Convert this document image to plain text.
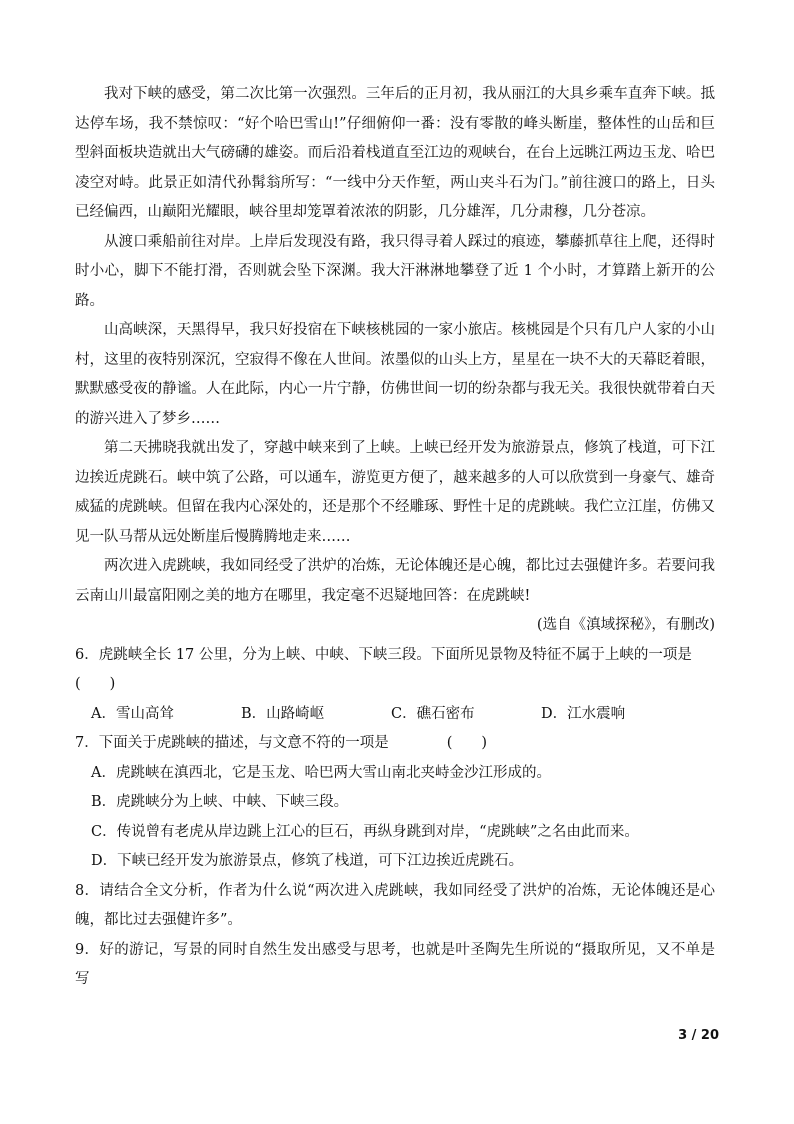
我对下峡的感受，第二次比第一次强烈。三年后的正月初，我从丽江的大具乡乘车直奔下峡。抵达停车场，我不禁惊叹：“好个哈巴雪山!”仔细俯仰一番：没有零散的峰头断崖，整体性的山岳和巨型斜面板块造就出大气磅礴的雄姿。而后沿着栈道直至江边的观峡台，在台上远眺江两边玉龙、哈巴凌空对峙。此景正如清代孙髯翁所写：“一线中分天作堑，两山夹斗石为门。”前往渡口的路上，日头已经偏西，山巅阳光耀眼，峡谷里却笼罩着浓浓的阴影，几分雄浑，几分肃穆，几分苍凉。

从渡口乘船前往对岸。上岸后发现没有路，我只得寻着人踩过的痕迹，攀藤抓草往上爬，还得时时小心，脚下不能打滑，否则就会坠下深渊。我大汗淋淋地攀登了近 1 个小时，才算踏上新开的公路。

山高峡深，天黑得早，我只好投宿在下峡核桃园的一家小旅店。核桃园是个只有几户人家的小山村，这里的夜特别深沉，空寂得不像在人世间。浓墨似的山头上方，星星在一块不大的天幕眨着眼，默默感受夜的静谧。人在此际，内心一片宁静，仿佛世间一切的纷杂都与我无关。我很快就带着白天的游兴进入了梦乡……

第二天拂晓我就出发了，穿越中峡来到了上峡。上峡已经开发为旅游景点，修筑了栈道，可下江边挨近虎跳石。峡中筑了公路，可以通车，游览更方便了，越来越多的人可以欣赏到一身豪气、雄奇威猛的虎跳峡。但留在我内心深处的，还是那个不经雕琢、野性十足的虎跳峡。我伫立江崖，仿佛又见一队马帮从远处断崖后慢腾腾地走来……

两次进入虎跳峡，我如同经受了洪炉的冶炼，无论体魄还是心魄，都比过去强健许多。若要问我云南山川最富阳刚之美的地方在哪里，我定毫不迟疑地回答：在虎跳峡!

(选自《滇域探秘》，有删改)

6．虎跳峡全长 17 公里，分为上峡、中峡、下峡三段。下面所见景物及特征不属于上峡的一项是

(　　)

A．雪山高耸	B．山路崎岖	C．礁石密布	D．江水震响

7．下面关于虎跳峡的描述，与文意不符的一项是	(　　)

A．虎跳峡在滇西北，它是玉龙、哈巴两大雪山南北夹峙金沙江形成的。

B．虎跳峡分为上峡、中峡、下峡三段。

C．传说曾有老虎从岸边跳上江心的巨石，再纵身跳到对岸，“虎跳峡”之名由此而来。

D．下峡已经开发为旅游景点，修筑了栈道，可下江边挨近虎跳石。

8．请结合全文分析，作者为什么说“两次进入虎跳峡，我如同经受了洪炉的冶炼，无论体魄还是心魄，都比过去强健许多”。

9．好的游记，写景的同时自然生发出感受与思考，也就是叶圣陶先生所说的“摄取所见，又不单是写

3 / 20
